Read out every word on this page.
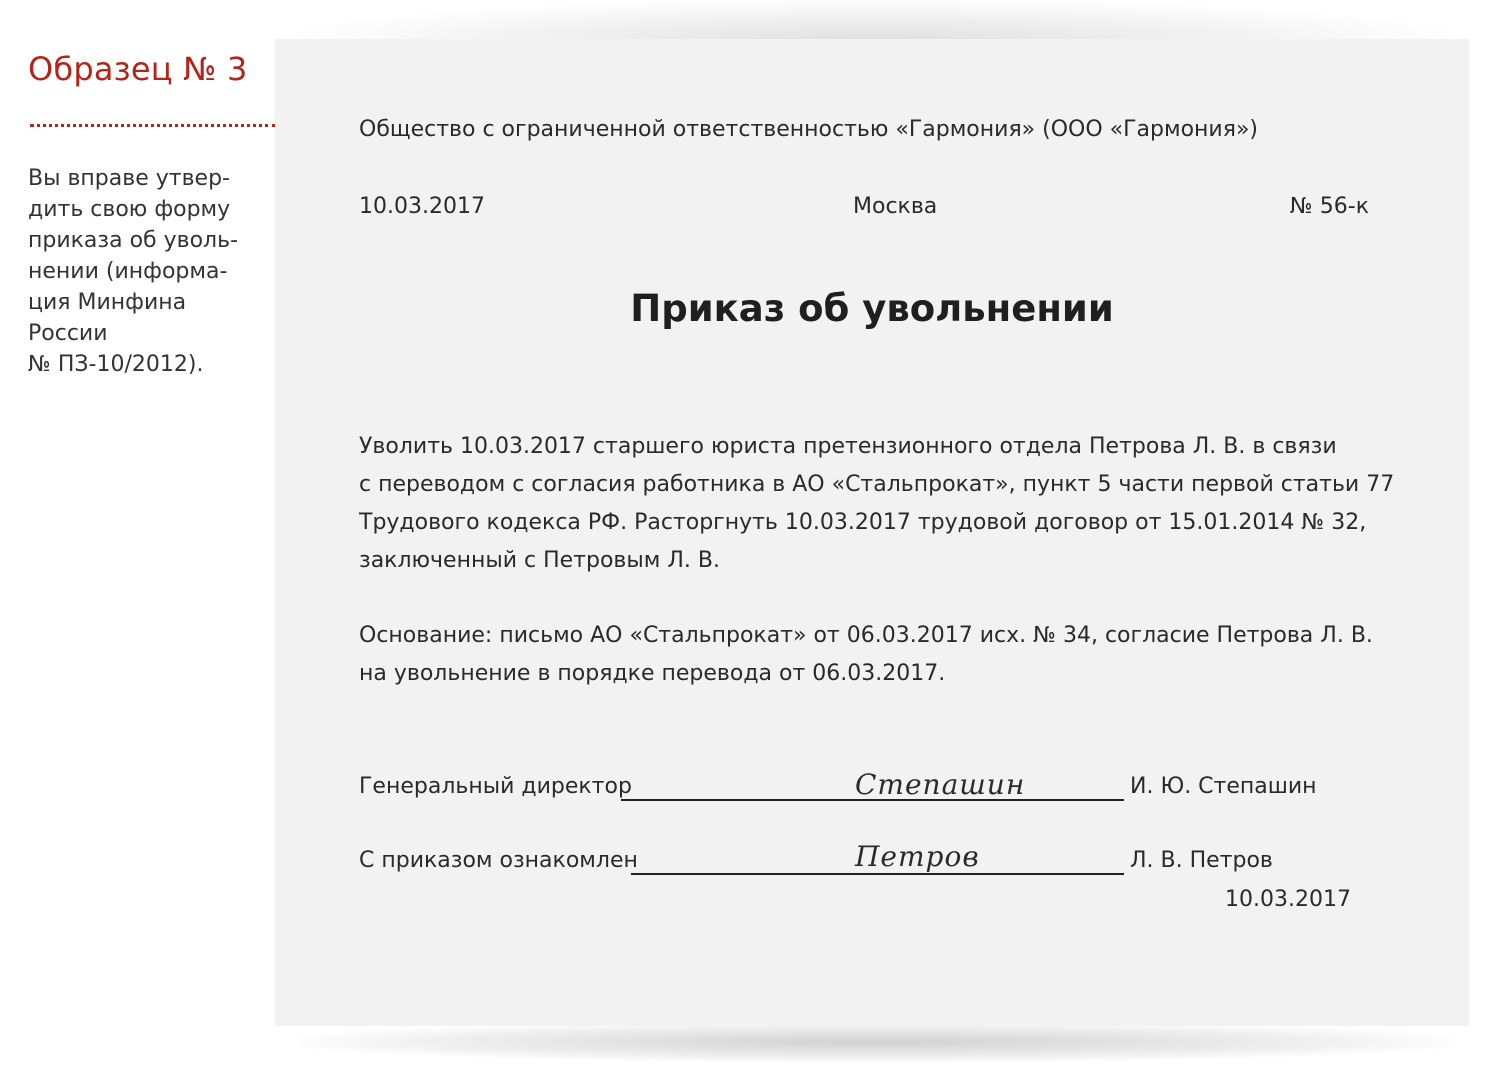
Образец № 3
Вы вправе утвер-
дить свою форму
приказа об уволь-
нении (информа-
ция Минфина
России
№ ПЗ-10/2012).
Общество с ограниченной ответственностью «Гармония» (ООО «Гармония»)
10.03.2017	Москва	№ 56-к
Приказ об увольнении
Уволить 10.03.2017 старшего юриста претензионного отдела Петрова Л. В. в связи
с переводом с согласия работника в АО «Стальпрокат», пункт 5 части первой статьи 77
Трудового кодекса РФ. Расторгнуть 10.03.2017 трудовой договор от 15.01.2014 № 32,
заключенный с Петровым Л. В.
Основание: письмо АО «Стальпрокат» от 06.03.2017 исх. № 34, согласие Петрова Л. В.
на увольнение в порядке перевода от 06.03.2017.
Генеральный директор	Степашин	И. Ю. Степашин
С приказом ознакомлен	Петров	Л. В. Петров
10.03.2017
